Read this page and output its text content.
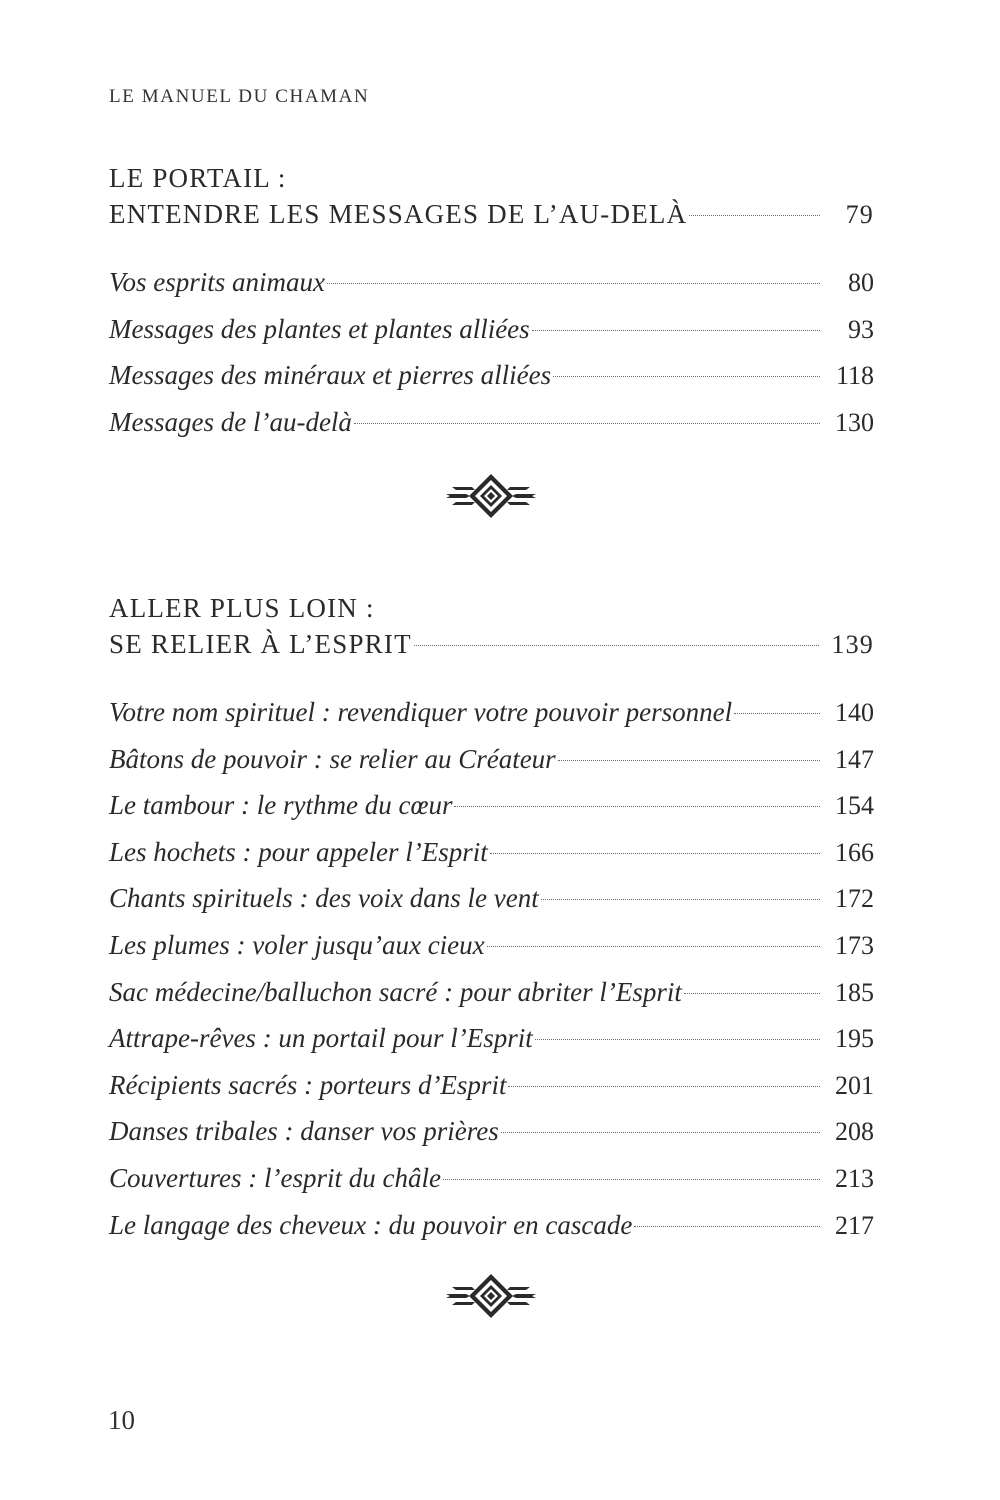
LE MANUEL DU CHAMAN
LE PORTAIL :
ENTENDRE LES MESSAGES DE L’AU-DELÀ	79
Vos esprits animaux	80
Messages des plantes et plantes alliées	93
Messages des minéraux et pierres alliées	118
Messages de l’au-delà	130
ALLER PLUS LOIN :
SE RELIER À L’ESPRIT	139
Votre nom spirituel : revendiquer votre pouvoir personnel	140
Bâtons de pouvoir : se relier au Créateur	147
Le tambour : le rythme du cœur	154
Les hochets : pour appeler l’Esprit	166
Chants spirituels : des voix dans le vent	172
Les plumes : voler jusqu’aux cieux	173
Sac médecine/balluchon sacré : pour abriter l’Esprit	185
Attrape-rêves : un portail pour l’Esprit	195
Récipients sacrés : porteurs d’Esprit	201
Danses tribales : danser vos prières	208
Couvertures : l’esprit du châle	213
Le langage des cheveux : du pouvoir en cascade	217
10
